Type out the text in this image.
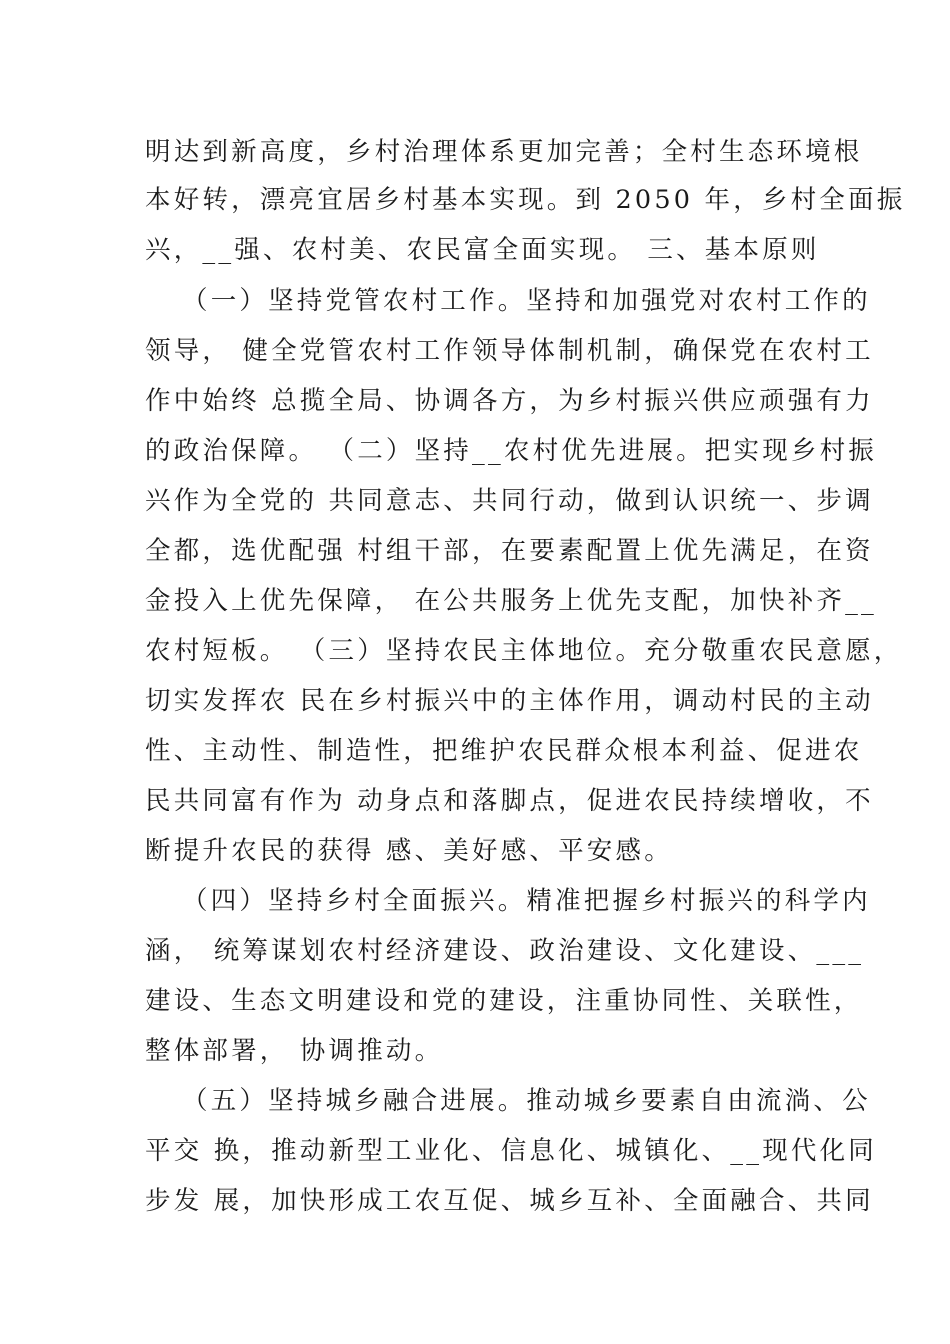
明达到新高度，乡村治理体系更加完善；全村生态环境根
本好转，漂亮宜居乡村基本实现。到 2050 年，乡村全面振
兴，__强、农村美、农民富全面实现。 三、基本原则
（一）坚持党管农村工作。坚持和加强党对农村工作的
领导， 健全党管农村工作领导体制机制，确保党在农村工
作中始终 总揽全局、协调各方，为乡村振兴供应顽强有力
的政治保障。 （二）坚持__农村优先进展。把实现乡村振
兴作为全党的 共同意志、共同行动，做到认识统一、步调
全都，选优配强 村组干部，在要素配置上优先满足，在资
金投入上优先保障， 在公共服务上优先支配，加快补齐__
农村短板。 （三）坚持农民主体地位。充分敬重农民意愿，
切实发挥农 民在乡村振兴中的主体作用，调动村民的主动
性、主动性、制造性，把维护农民群众根本利益、促进农
民共同富有作为 动身点和落脚点，促进农民持续增收，不
断提升农民的获得 感、美好感、平安感。
（四）坚持乡村全面振兴。精准把握乡村振兴的科学内
涵， 统筹谋划农村经济建设、政治建设、文化建设、___
建设、生态文明建设和党的建设，注重协同性、关联性，
整体部署， 协调推动。
（五）坚持城乡融合进展。推动城乡要素自由流淌、公
平交 换，推动新型工业化、信息化、城镇化、__现代化同
步发 展，加快形成工农互促、城乡互补、全面融合、共同
